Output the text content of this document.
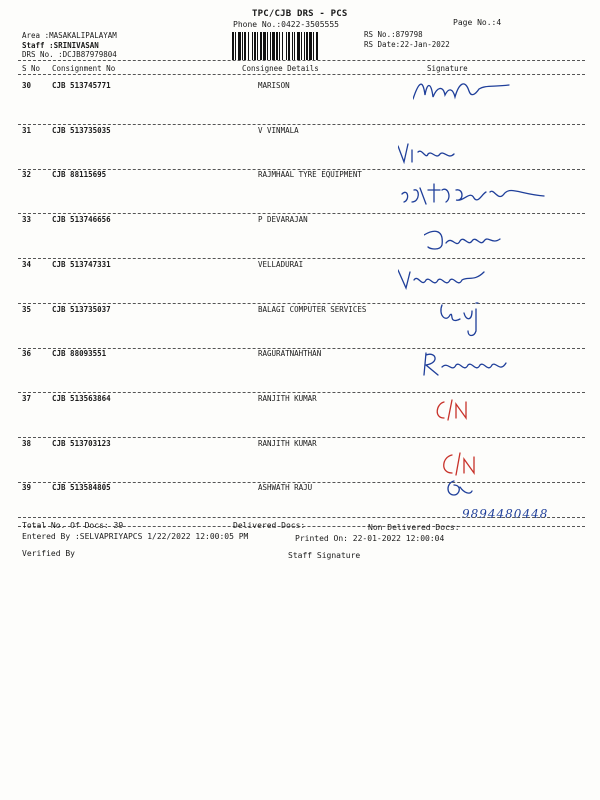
TPC/CJB DRS - PCS
Phone No.:0422-3505555	Page No.:4
Area :MASAKALIPALAYAM
Staff :SRINIVASAN
DRS No. :DCJB87979804
RS No.:879798
RS Date:22-Jan-2022
S No Consignment No	Consignee Details	Signature
30	CJB 513745771	MARISON
31	CJB 513735035	V VINMALA
32	CJB 88115695	RAJMHAAL TYRE EQUIPMENT
33	CJB 513746656	P DEVARAJAN
34	CJB 513747331	VELLADURAI
35	CJB 513735037	BALAGI COMPUTER SERVICES
36	CJB 88093551	RAGURATNAHTHAN
37	CJB 513563864	RANJITH KUMAR
38	CJB 513703123	RANJITH KUMAR
39	CJB 513584805	ASHWATH RAJU
9894480448
Total No. Of Docs: 39	Delivered Docs:	Non Delivered Docs:
Entered By :SELVAPRIYAPCS 1/22/2022 12:00:05 PM	Printed On: 22-01-2022 12:00:04
Verified By	Staff Signature
